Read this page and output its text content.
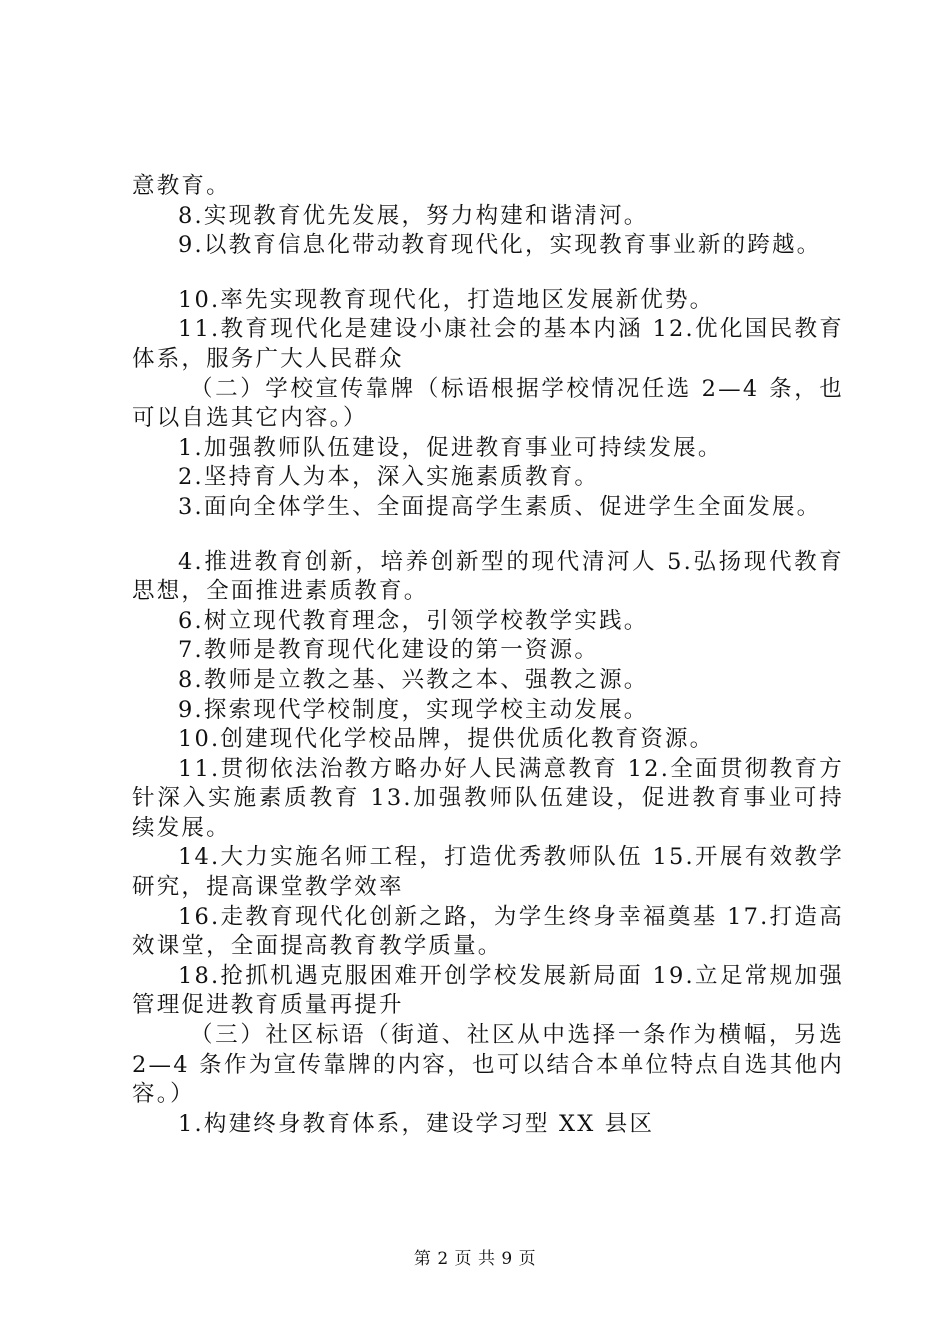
意教育。

8.实现教育优先发展，努力构建和谐清河。

9.以教育信息化带动教育现代化，实现教育事业新的跨越。

10.率先实现教育现代化，打造地区发展新优势。

11.教育现代化是建设小康社会的基本内涵 12.优化国民教育体系，服务广大人民群众

（二）学校宣传靠牌（标语根据学校情况任选 2—4 条，也可以自选其它内容。）

1.加强教师队伍建设，促进教育事业可持续发展。

2.坚持育人为本，深入实施素质教育。

3.面向全体学生、全面提高学生素质、促进学生全面发展。

4.推进教育创新，培养创新型的现代清河人 5.弘扬现代教育思想，全面推进素质教育。

6.树立现代教育理念，引领学校教学实践。

7.教师是教育现代化建设的第一资源。

8.教师是立教之基、兴教之本、强教之源。

9.探索现代学校制度，实现学校主动发展。

10.创建现代化学校品牌，提供优质化教育资源。

11.贯彻依法治教方略办好人民满意教育 12.全面贯彻教育方针深入实施素质教育 13.加强教师队伍建设，促进教育事业可持续发展。

14.大力实施名师工程，打造优秀教师队伍 15.开展有效教学研究，提高课堂教学效率

16.走教育现代化创新之路，为学生终身幸福奠基 17.打造高效课堂，全面提高教育教学质量。

18.抢抓机遇克服困难开创学校发展新局面 19.立足常规加强管理促进教育质量再提升

（三）社区标语（街道、社区从中选择一条作为横幅，另选 2—4 条作为宣传靠牌的内容，也可以结合本单位特点自选其他内容。）

1.构建终身教育体系，建设学习型 XX 县区

第 2 页 共 9 页
